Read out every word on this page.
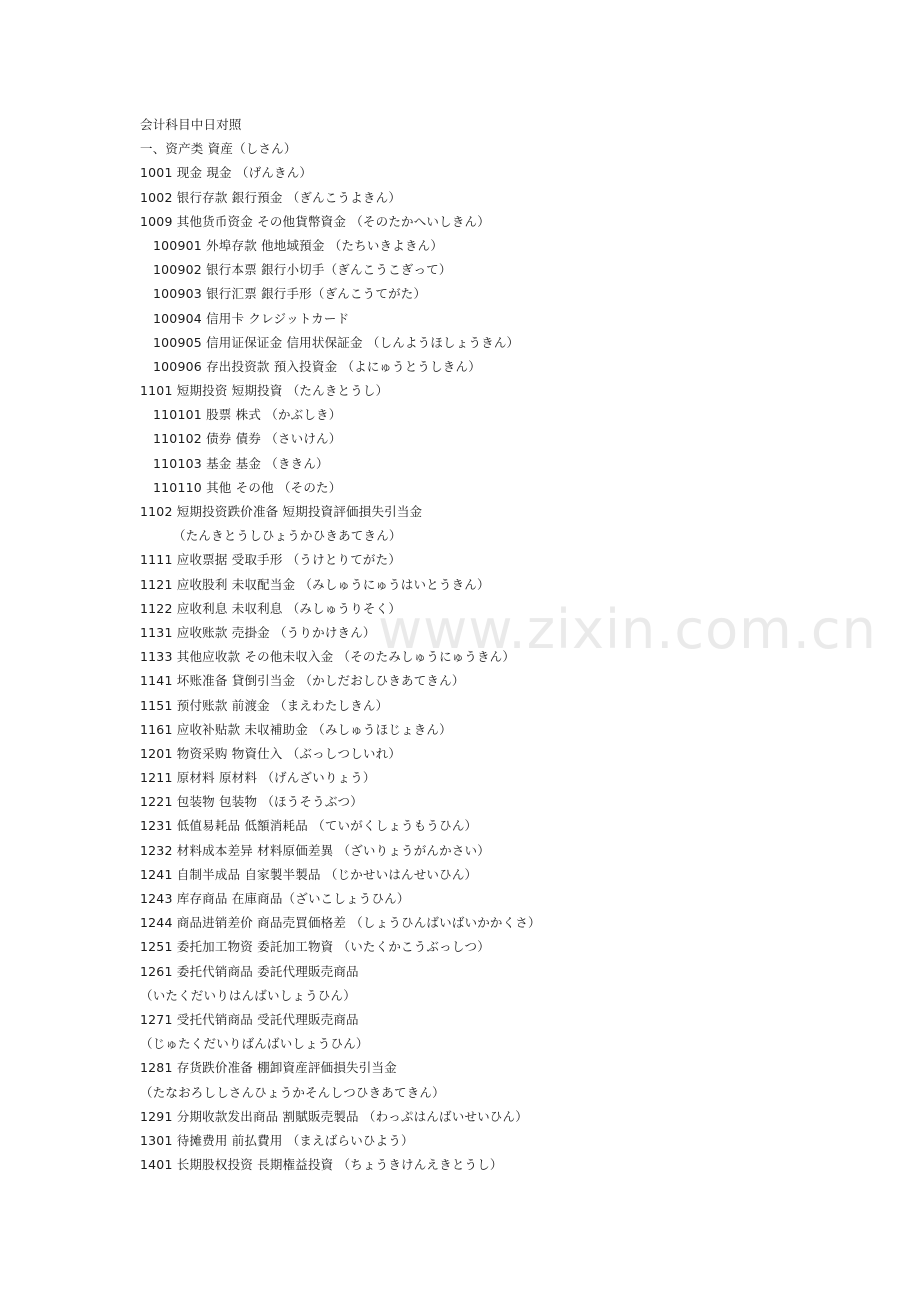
www.zixin.com.cn
会计科目中日对照
一、资产类 資産（しさん）
1001 现金 現金 （げんきん）
1002 银行存款 銀行預金 （ぎんこうよきん）
1009 其他货币资金 その他貨幣資金 （そのたかへいしきん）
100901 外埠存款 他地域預金 （たちいきよきん）
100902 银行本票 銀行小切手（ぎんこうこぎって）
100903 银行汇票 銀行手形（ぎんこうてがた）
100904 信用卡 クレジットカード
100905 信用证保证金 信用状保証金 （しんようほしょうきん）
100906 存出投资款 預入投資金 （よにゅうとうしきん）
1101 短期投资 短期投資 （たんきとうし）
110101 股票 株式 （かぶしき）
110102 债券 債券 （さいけん）
110103 基金 基金 （ききん）
110110 其他 その他 （そのた）
1102 短期投资跌价准备 短期投資評価損失引当金
（たんきとうしひょうかひきあてきん）
1111 应收票据 受取手形 （うけとりてがた）
1121 应收股利 未収配当金 （みしゅうにゅうはいとうきん）
1122 应收利息 未収利息 （みしゅうりそく）
1131 应收账款 売掛金 （うりかけきん）
1133 其他应收款 その他未収入金 （そのたみしゅうにゅうきん）
1141 坏账准备 貸倒引当金 （かしだおしひきあてきん）
1151 预付账款 前渡金 （まえわたしきん）
1161 应收补贴款 未収補助金 （みしゅうほじょきん）
1201 物资采购 物資仕入 （ぶっしつしいれ）
1211 原材料 原材料 （げんざいりょう）
1221 包装物 包装物 （ほうそうぶつ）
1231 低值易耗品 低額消耗品 （ていがくしょうもうひん）
1232 材料成本差异 材料原価差異 （ざいりょうがんかさい）
1241 自制半成品 自家製半製品 （じかせいはんせいひん）
1243 库存商品 在庫商品（ざいこしょうひん）
1244 商品进销差价 商品売買価格差 （しょうひんばいばいかかくさ）
1251 委托加工物资 委託加工物資 （いたくかこうぶっしつ）
1261 委托代销商品 委託代理販売商品
（いたくだいりはんばいしょうひん）
1271 受托代销商品 受託代理販売商品
（じゅたくだいりばんばいしょうひん）
1281 存货跌价准备 棚卸資産評価損失引当金
（たなおろししさんひょうかそんしつひきあてきん）
1291 分期收款发出商品 割賦販売製品 （わっぷはんばいせいひん）
1301 待摊费用 前払費用 （まえばらいひよう）
1401 长期股权投资 長期権益投資 （ちょうきけんえきとうし）
